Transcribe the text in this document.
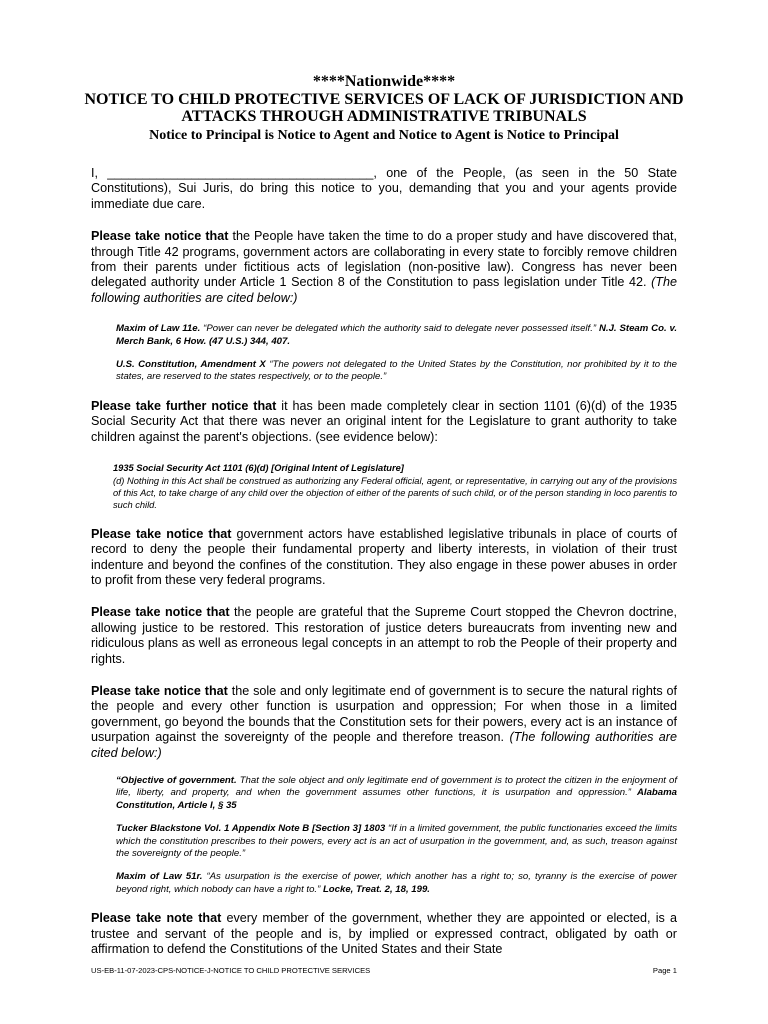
****Nationwide****
NOTICE TO CHILD PROTECTIVE SERVICES OF LACK OF JURISDICTION AND ATTACKS THROUGH ADMINISTRATIVE TRIBUNALS
Notice to Principal is Notice to Agent and Notice to Agent is Notice to Principal

I, ______________________________________, one of the People, (as seen in the 50 State Constitutions), Sui Juris, do bring this notice to you, demanding that you and your agents provide immediate due care.

Please take notice that the People have taken the time to do a proper study and have discovered that, through Title 42 programs, government actors are collaborating in every state to forcibly remove children from their parents under fictitious acts of legislation (non-positive law). Congress has never been delegated authority under Article 1 Section 8 of the Constitution to pass legislation under Title 42. (The following authorities are cited below:)

Maxim of Law 11e. “Power can never be delegated which the authority said to delegate never possessed itself.” N.J. Steam Co. v. Merch Bank, 6 How. (47 U.S.) 344, 407.
U.S. Constitution, Amendment X “The powers not delegated to the United States by the Constitution, nor prohibited by it to the states, are reserved to the states respectively, or to the people.”

Please take further notice that it has been made completely clear in section 1101 (6)(d) of the 1935 Social Security Act that there was never an original intent for the Legislature to grant authority to take children against the parent's objections. (see evidence below):

1935 Social Security Act 1101 (6)(d) [Original Intent of Legislature]
(d) Nothing in this Act shall be construed as authorizing any Federal official, agent, or representative, in carrying out any of the provisions of this Act, to take charge of any child over the objection of either of the parents of such child, or of the person standing in loco parentis to such child.

Please take notice that government actors have established legislative tribunals in place of courts of record to deny the people their fundamental property and liberty interests, in violation of their trust indenture and beyond the confines of the constitution. They also engage in these power abuses in order to profit from these very federal programs.

Please take notice that the people are grateful that the Supreme Court stopped the Chevron doctrine, allowing justice to be restored. This restoration of justice deters bureaucrats from inventing new and ridiculous plans as well as erroneous legal concepts in an attempt to rob the People of their property and rights.

Please take notice that the sole and only legitimate end of government is to secure the natural rights of the people and every other function is usurpation and oppression; For when those in a limited government, go beyond the bounds that the Constitution sets for their powers, every act is an instance of usurpation against the sovereignty of the people and therefore treason. (The following authorities are cited below:)

“Objective of government. That the sole object and only legitimate end of government is to protect the citizen in the enjoyment of life, liberty, and property, and when the government assumes other functions, it is usurpation and oppression.” Alabama Constitution, Article I, § 35
Tucker Blackstone Vol. 1 Appendix Note B [Section 3] 1803 “If in a limited government, the public functionaries exceed the limits which the constitution prescribes to their powers, every act is an act of usurpation in the government, and, as such, treason against the sovereignty of the people.”
Maxim of Law 51r. “As usurpation is the exercise of power, which another has a right to; so, tyranny is the exercise of power beyond right, which nobody can have a right to.” Locke, Treat. 2, 18, 199.

Please take note that every member of the government, whether they are appointed or elected, is a trustee and servant of the people and is, by implied or expressed contract, obligated by oath or affirmation to defend the Constitutions of the United States and their State

US-EB-11-07-2023-CPS-NOTICE-J-NOTICE TO CHILD PROTECTIVE SERVICES	Page 1
